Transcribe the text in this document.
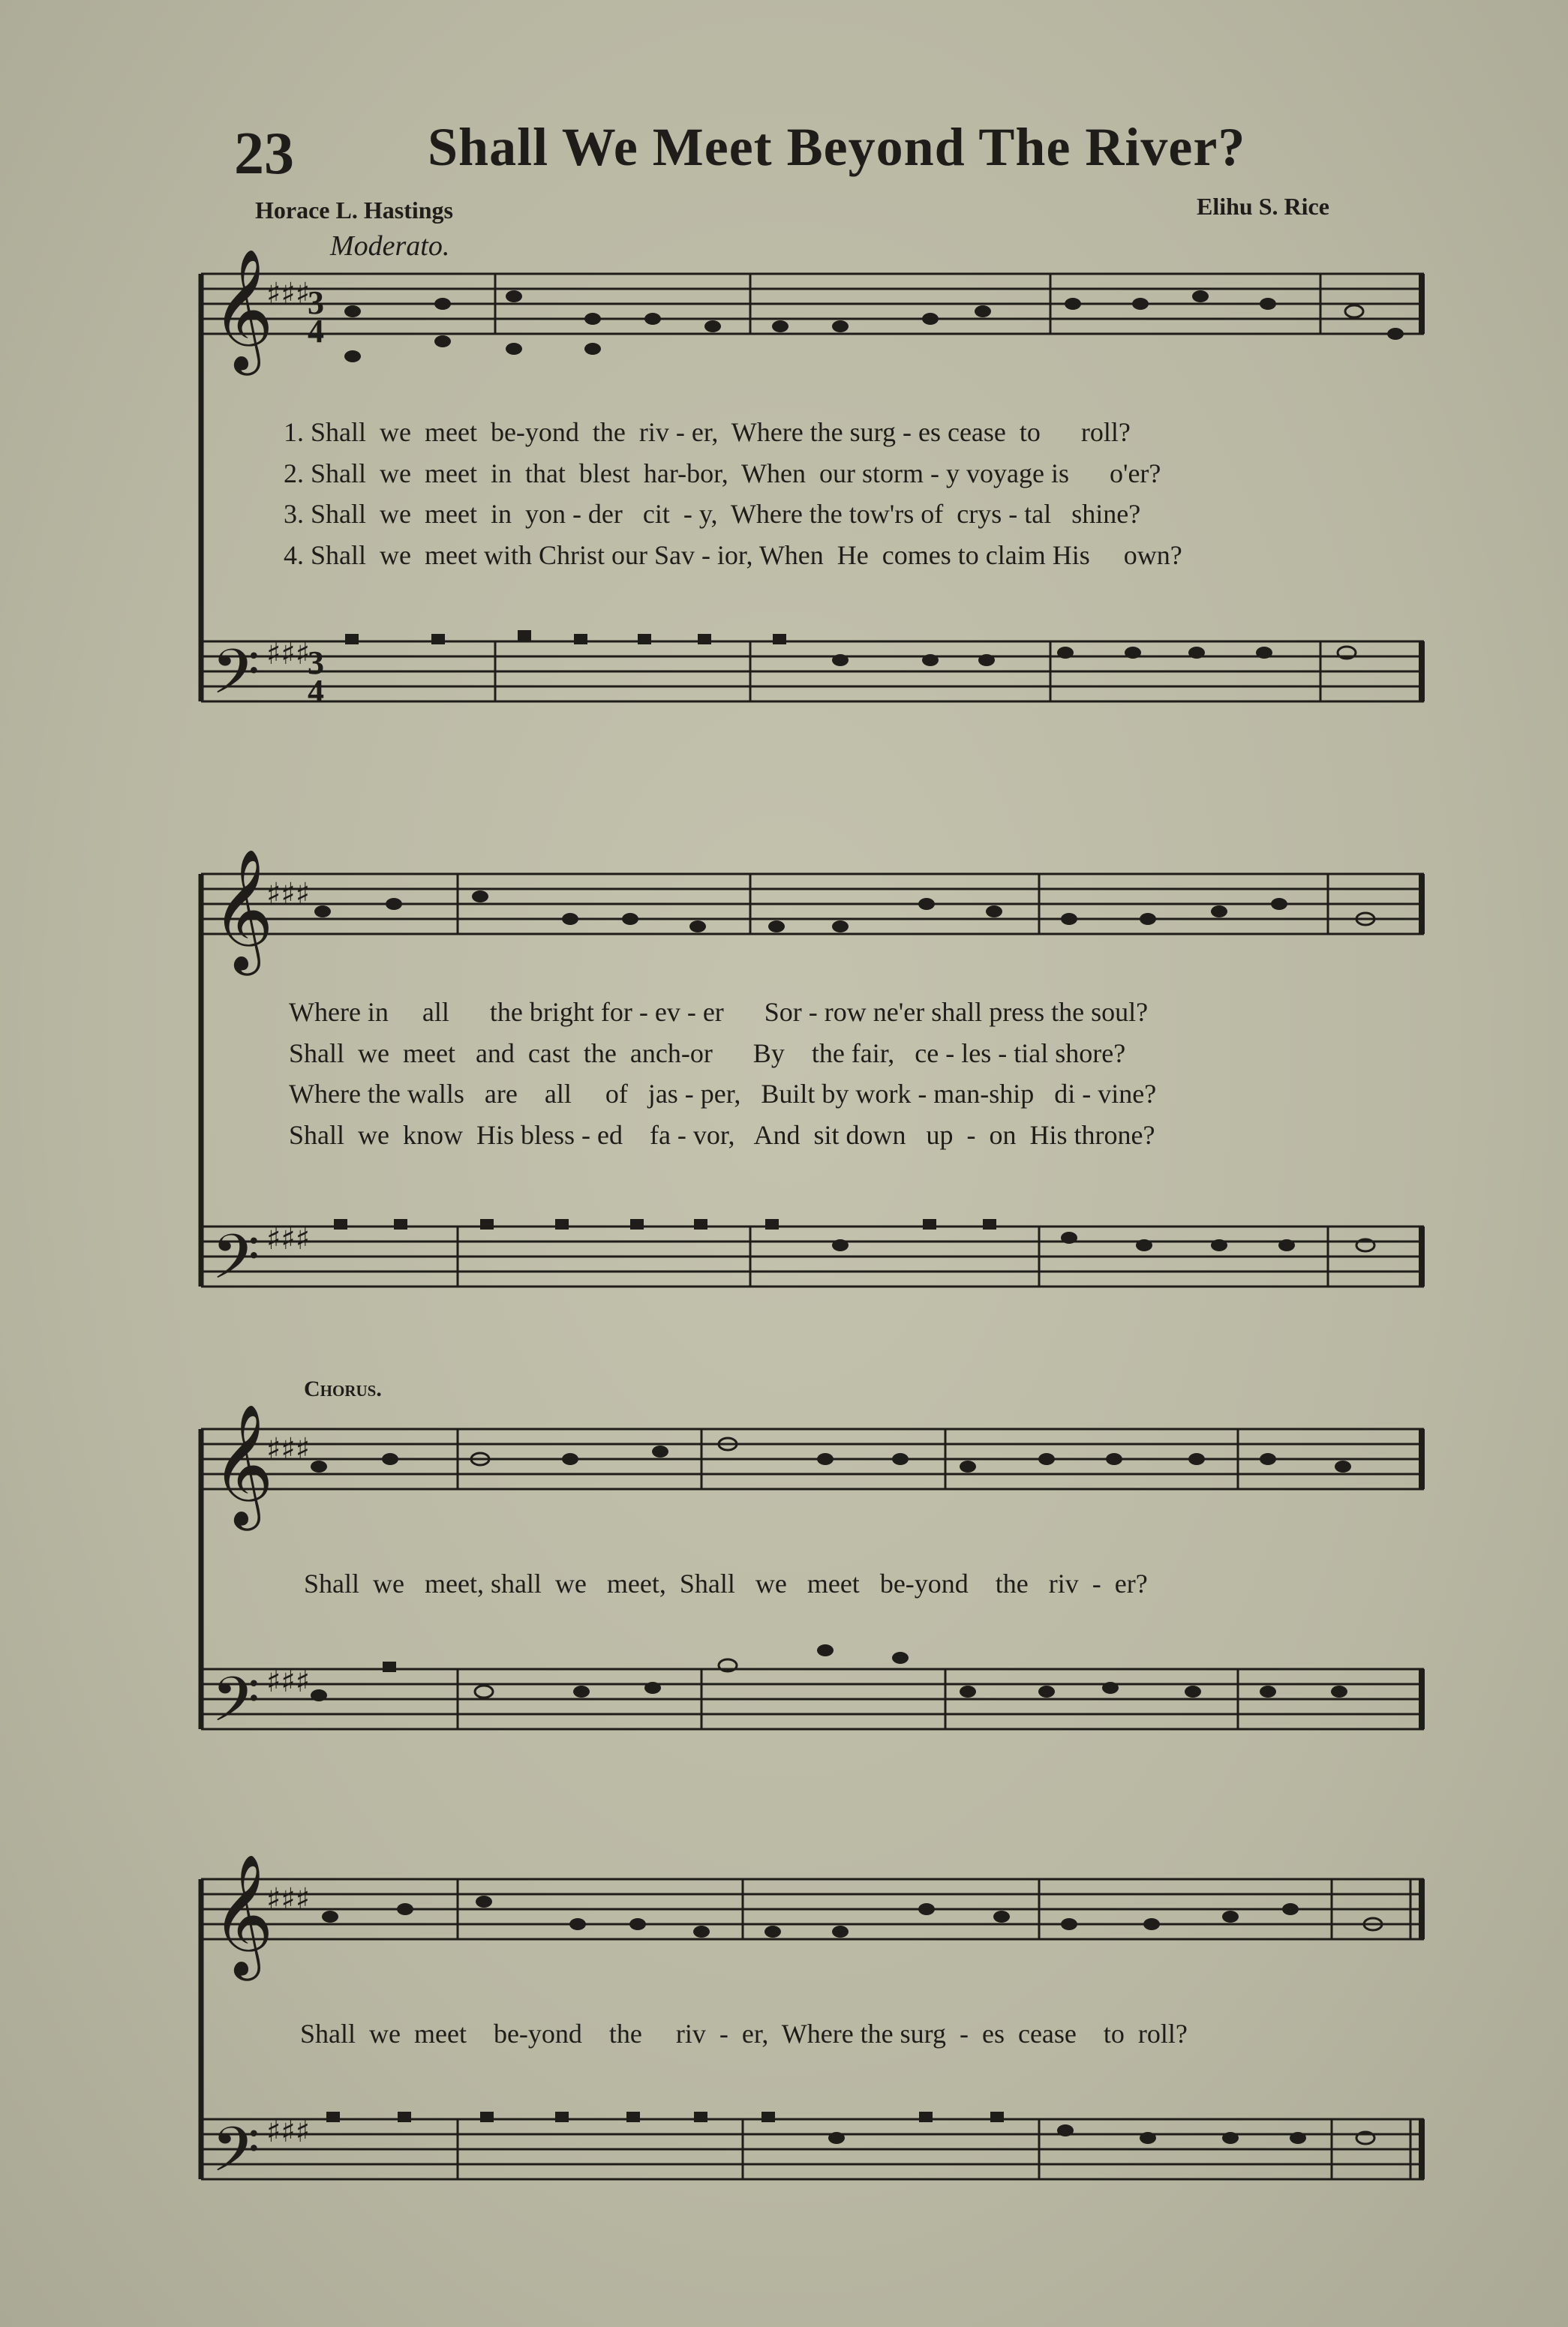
23 Shall We Meet Beyond The River?
Horace L. Hastings	Elihu S. Rice
Moderato.
𝄞
𝄢
♯♯♯
♯♯♯
3
4
3
4
𝄞
𝄢
♯♯♯
♯♯♯
𝄞
𝄢
♯♯♯
♯♯♯
𝄞
𝄢
♯♯♯
♯♯♯
1. Shall  we  meet  be-yond  the  riv - er,  Where the surg - es cease  to      roll?
2. Shall  we  meet  in  that  blest  har-bor,  When  our storm - y voyage is      o'er?
3. Shall  we  meet  in  yon - der   cit  - y,  Where the tow'rs of  crys - tal   shine?
4. Shall  we  meet with Christ our Sav - ior, When  He  comes to claim His     own?
Where in     all      the bright for - ev - er      Sor - row ne'er shall press the soul?
Shall  we  meet   and  cast  the  anch-or      By    the fair,   ce - les - tial shore?
Where the walls   are    all     of   jas - per,   Built by work - man-ship   di - vine?
Shall  we  know  His bless - ed    fa - vor,   And  sit down   up  -  on  His throne?
Chorus.
Shall  we   meet, shall  we   meet,  Shall   we   meet   be-yond    the   riv  -  er?
Shall  we  meet    be-yond    the     riv  -  er,  Where the surg  -  es  cease    to  roll?
